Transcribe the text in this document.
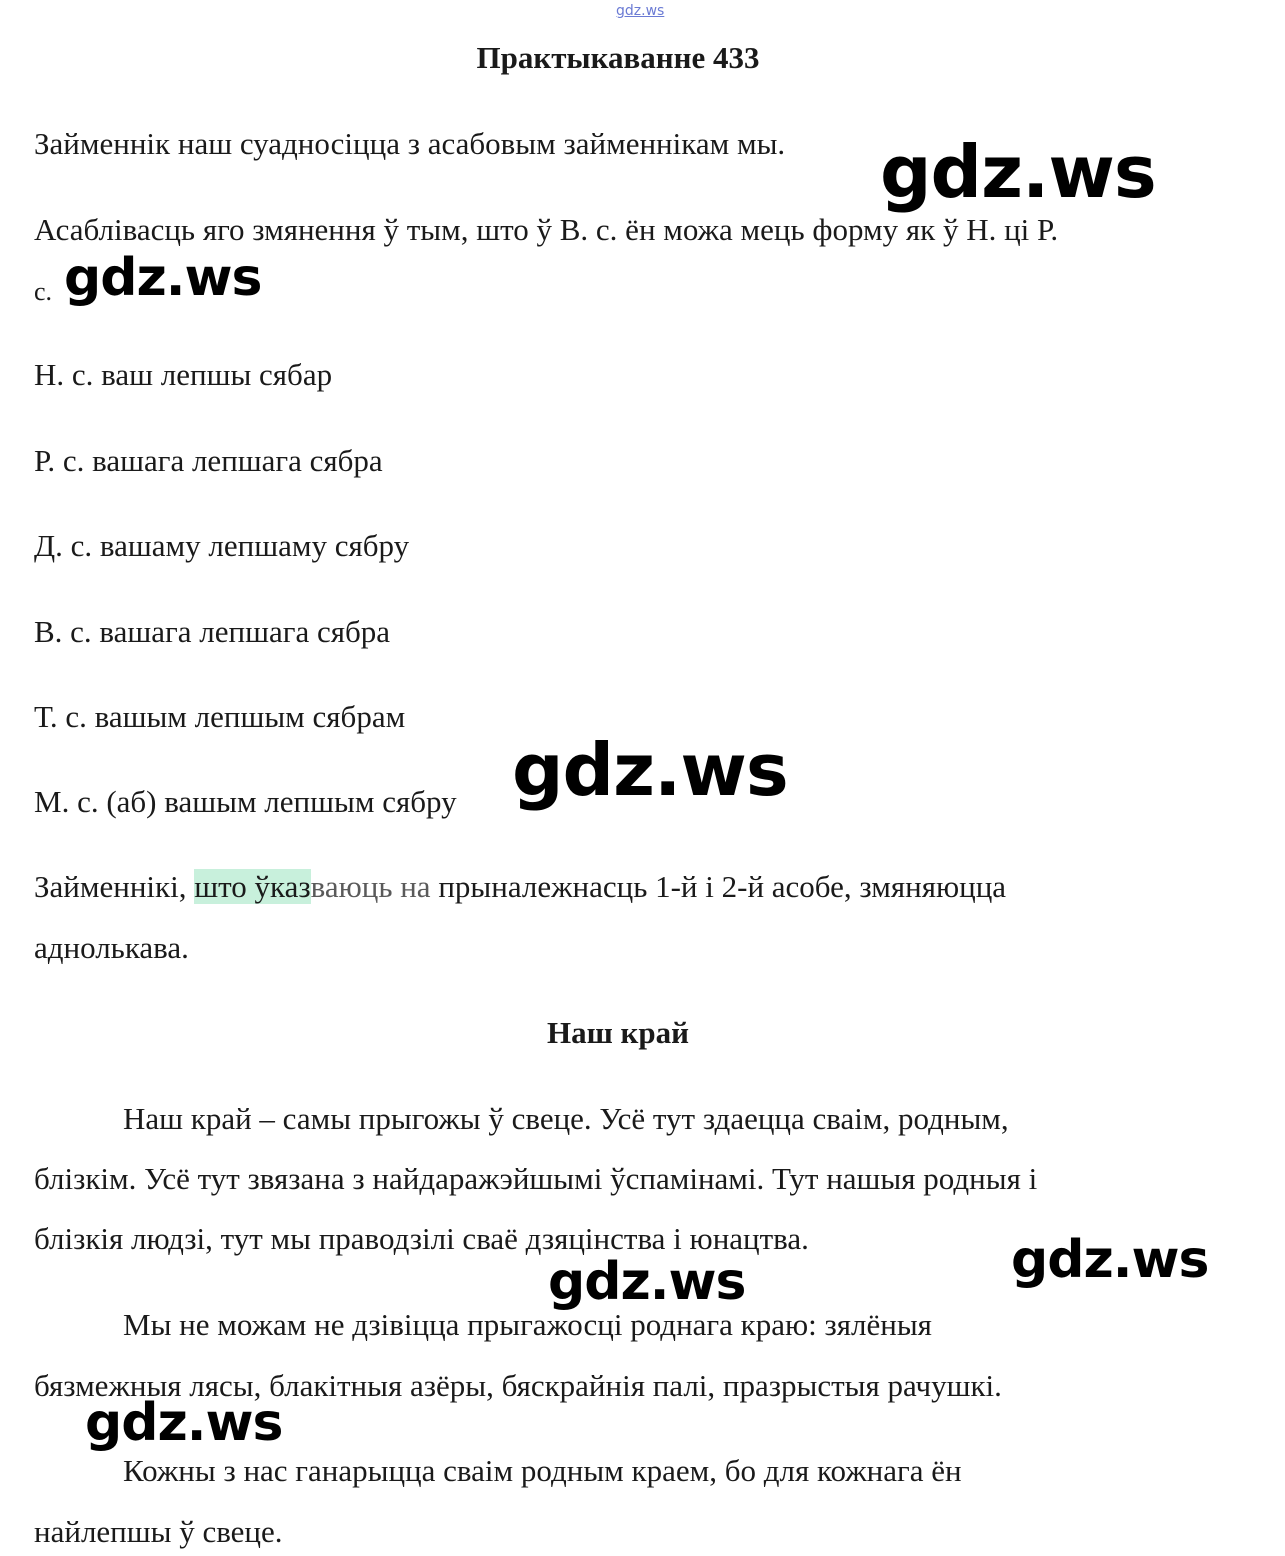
gdz.ws
Практыкаванне 433
Займеннік наш суадносіцца з асабовым займеннікам мы.
Асаблівасць яго змянення ў тым, што ў В. с. ён можа мець форму як ў Н. ці Р.
с.
Н. с. ваш лепшы сябар
Р. с. вашага лепшага сябра
Д. с. вашаму лепшаму сябру
В. с. вашага лепшага сябра
Т. с. вашым лепшым сябрам
М. с. (аб) вашым лепшым сябру
Займеннікі, што ўказваюць на прыналежнасць 1-й і 2-й асобе, змяняюцца
аднолькава.
Наш край
Наш край – самы прыгожы ў свеце. Усё тут здаецца сваім, родным,
блізкім. Усё тут звязана з найдаражэйшымі ўспамінамі. Тут нашыя родныя і
блізкія людзі, тут мы праводзілі сваё дзяцінства і юнацтва.
Мы не можам не дзівіцца прыгажосці роднага краю: зялёныя
бязмежныя лясы, блакітныя азёры, бяскрайнія палі, празрыстыя рачушкі.
Кожны з нас ганарыцца сваім родным краем, бо для кожнага ён
найлепшы ў свеце.
gdz.ws
gdz.ws
gdz.ws
gdz.ws
gdz.ws
gdz.ws
